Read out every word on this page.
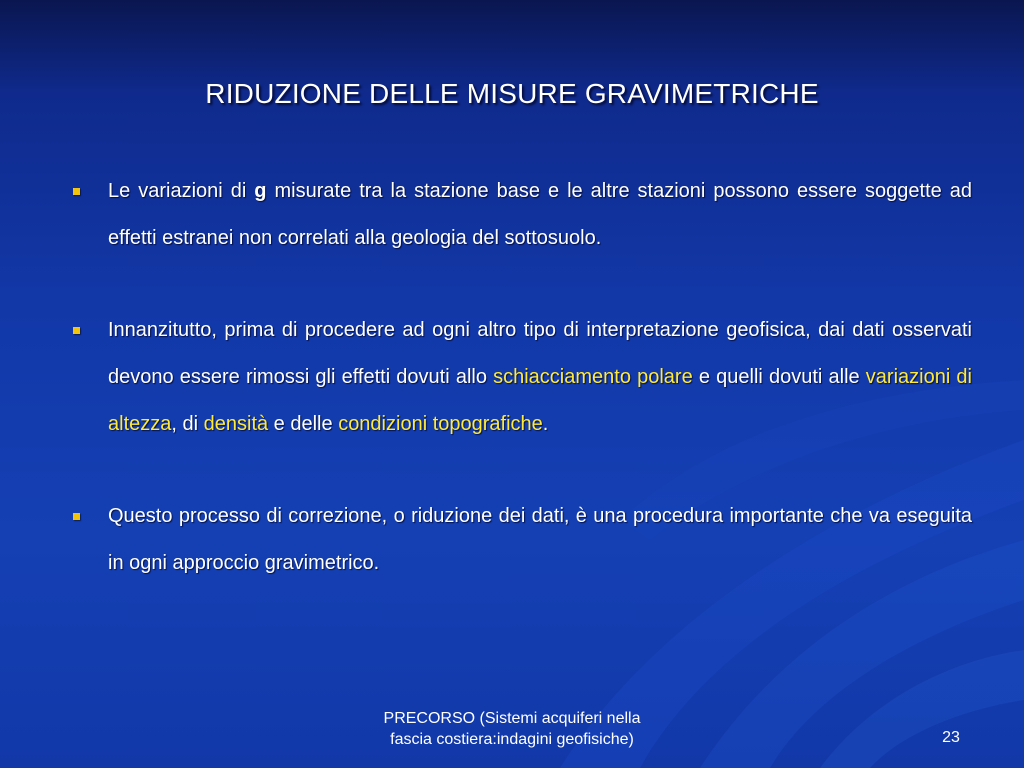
RIDUZIONE DELLE MISURE GRAVIMETRICHE
Le variazioni di g misurate tra la stazione base e le altre stazioni possono essere soggette ad effetti estranei non correlati alla geologia del sottosuolo.
Innanzitutto, prima di procedere ad ogni altro tipo di interpretazione geofisica, dai dati osservati devono essere rimossi gli effetti dovuti allo schiacciamento polare e quelli dovuti alle variazioni di altezza, di densità e delle condizioni topografiche.
Questo processo di correzione, o riduzione dei dati, è una procedura importante che va eseguita in ogni approccio gravimetrico.
PRECORSO (Sistemi acquiferi nella
fascia costiera:indagini geofisiche)	23
